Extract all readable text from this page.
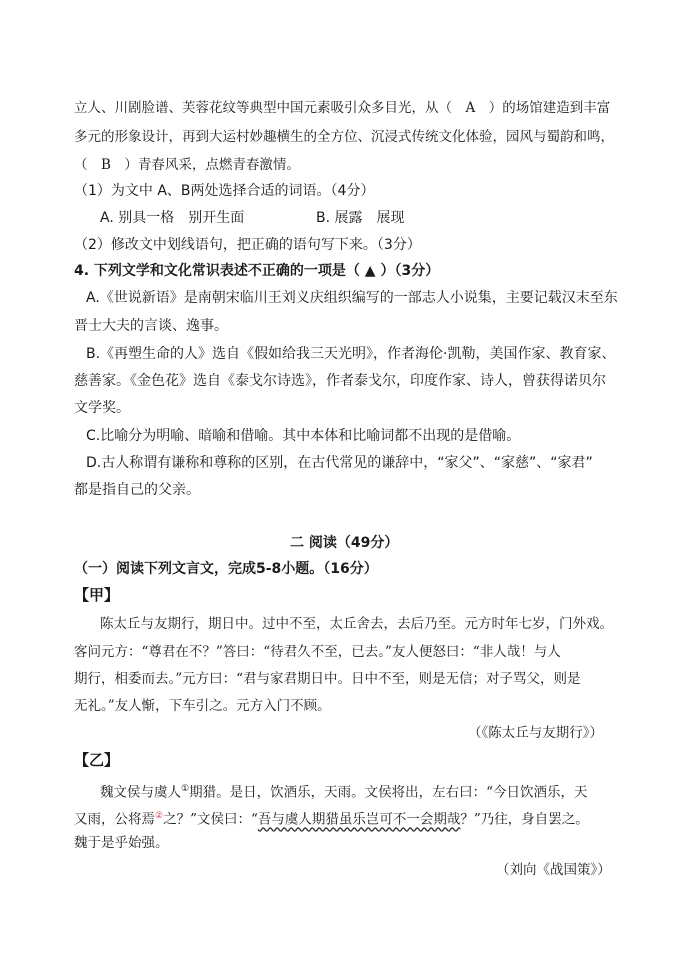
立人、川剧脸谱、芙蓉花纹等典型中国元素吸引众多目光，从（　A　）的场馆建造到丰富
多元的形象设计，再到大运村妙趣横生的全方位、沉浸式传统文化体验，园风与蜀韵和鸣，
（　B　）青春风采，点燃青春激情。
（1）为文中 A、B两处选择合适的词语。（4分）
A. 别具一格　别开生面	B. 展露　展现
（2）修改文中划线语句，把正确的语句写下来。（3分）
4. 下列文学和文化常识表述不正确的一项是（ ▲ ）（3分）
A.《世说新语》是南朝宋临川王刘义庆组织编写的一部志人小说集，主要记载汉末至东
晋士大夫的言谈、逸事。
B.《再塑生命的人》选自《假如给我三天光明》，作者海伦·凯勒，美国作家、教育家、
慈善家。《金色花》选自《泰戈尔诗选》，作者泰戈尔，印度作家、诗人，曾获得诺贝尔
文学奖。
C.比喻分为明喻、暗喻和借喻。其中本体和比喻词都不出现的是借喻。
D.古人称谓有谦称和尊称的区别，在古代常见的谦辞中，“家父”、“家慈”、“家君”
都是指自己的父亲。
二 阅读（49分）
（一）阅读下列文言文，完成5-8小题。（16分）
【甲】
陈太丘与友期行，期日中。过中不至，太丘舍去，去后乃至。元方时年七岁，门外戏。
客问元方：“尊君在不？”答曰：“待君久不至，已去。”友人便怒曰：“非人哉！与人
期行，相委而去。”元方曰：“君与家君期日中。日中不至，则是无信；对子骂父，则是
无礼。”友人惭，下车引之。元方入门不顾。
（《陈太丘与友期行》）
【乙】
魏文侯与虞人①期猎。是日，饮酒乐，天雨。文侯将出，左右曰：“今日饮酒乐，天
又雨，公将焉②之？”文侯曰：“吾与虞人期猎虽乐岂可不一会期哉？”乃往，身自罢之。
魏于是乎始强。
（刘向《战国策》）
